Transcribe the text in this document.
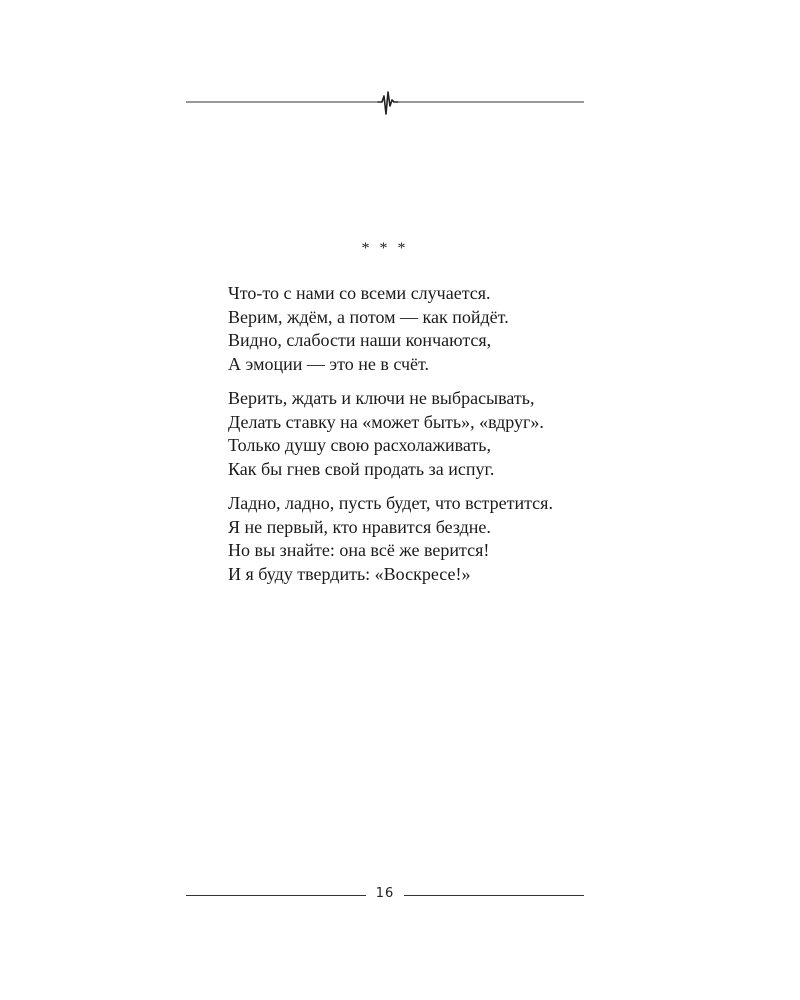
* * *
Что-то с нами со всеми случается.
Верим, ждём, а потом — как пойдёт.
Видно, слабости наши кончаются,
А эмоции — это не в счёт.
Верить, ждать и ключи не выбрасывать,
Делать ставку на «может быть», «вдруг».
Только душу свою расхолаживать,
Как бы гнев свой продать за испуг.
Ладно, ладно, пусть будет, что встретится.
Я не первый, кто нравится бездне.
Но вы знайте: она всё же верится!
И я буду твердить: «Воскресе!»
16
